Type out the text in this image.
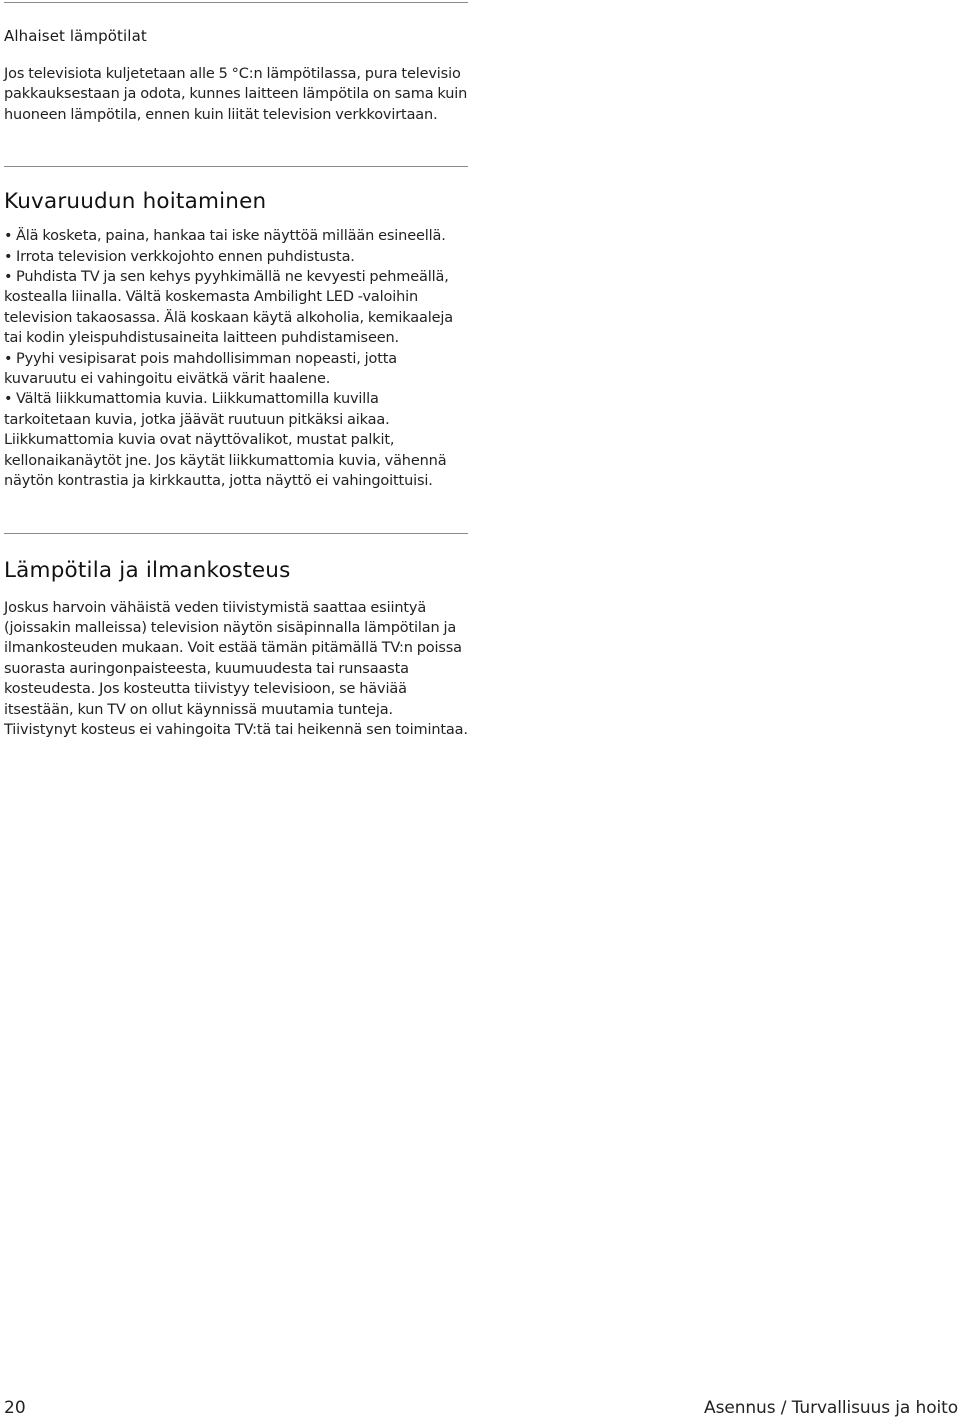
Alhaiset lämpötilat

Jos televisiota kuljetetaan alle 5 °C:n lämpötilassa, pura televisio pakkauksestaan ja odota, kunnes laitteen lämpötila on sama kuin huoneen lämpötila, ennen kuin liität television verkkovirtaan.

Kuvaruudun hoitaminen
• Älä kosketa, paina, hankaa tai iske näyttöä millään esineellä.
• Irrota television verkkojohto ennen puhdistusta.
• Puhdista TV ja sen kehys pyyhkimällä ne kevyesti pehmeällä, kostealla liinalla. Vältä koskemasta Ambilight LED -valoihin television takaosassa. Älä koskaan käytä alkoholia, kemikaaleja tai kodin yleispuhdistusaineita laitteen puhdistamiseen.
• Pyyhi vesipisarat pois mahdollisimman nopeasti, jotta kuvaruutu ei vahingoitu eivätkä värit haalene.
• Vältä liikkumattomia kuvia. Liikkumattomilla kuvilla tarkoitetaan kuvia, jotka jäävät ruutuun pitkäksi aikaa. Liikkumattomia kuvia ovat näyttövalikot, mustat palkit, kellonaikanäytöt jne. Jos käytät liikkumattomia kuvia, vähennä näytön kontrastia ja kirkkautta, jotta näyttö ei vahingoittuisi.
Lämpötila ja ilmankosteus

Joskus harvoin vähäistä veden tiivistymistä saattaa esiintyä (joissakin malleissa) television näytön sisäpinnalla lämpötilan ja ilmankosteuden mukaan. Voit estää tämän pitämällä TV:n poissa suorasta auringonpaisteesta, kuumuudesta tai runsaasta kosteudesta. Jos kosteutta tiivistyy televisioon, se häviää itsestään, kun TV on ollut käynnissä muutamia tunteja. Tiivistynyt kosteus ei vahingoita TV:tä tai heikennä sen toimintaa.

20	Asennus / Turvallisuus ja hoito
